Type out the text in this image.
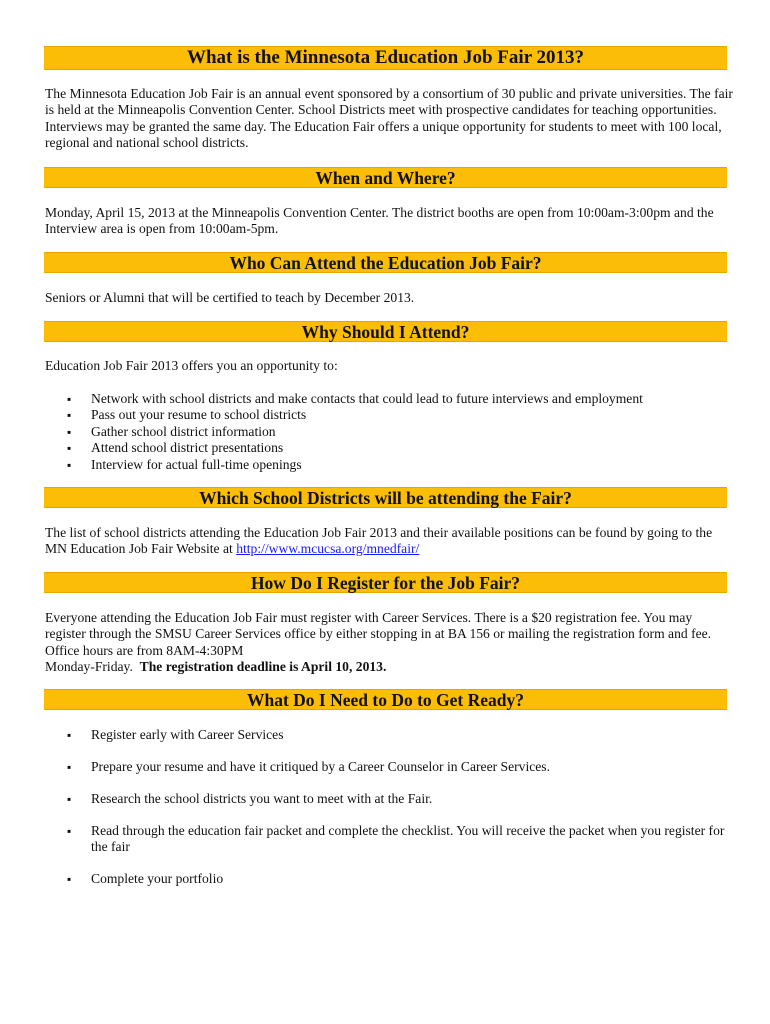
What is the Minnesota Education Job Fair 2013?

The Minnesota Education Job Fair is an annual event sponsored by a consortium of 30 public and private universities. The fair is held at the Minneapolis Convention Center. School Districts meet with prospective candidates for teaching opportunities. Interviews may be granted the same day. The Education Fair offers a unique opportunity for students to meet with 100 local, regional and national school districts.

When and Where?

Monday, April 15, 2013 at the Minneapolis Convention Center. The district booths are open from 10:00am-3:00pm and the Interview area is open from 10:00am-5pm.

Who Can Attend the Education Job Fair?

Seniors or Alumni that will be certified to teach by December 2013.

Why Should I Attend?

Education Job Fair 2013 offers you an opportunity to:

▪ Network with school districts and make contacts that could lead to future interviews and employment
▪ Pass out your resume to school districts
▪ Gather school district information
▪ Attend school district presentations
▪ Interview for actual full-time openings
Which School Districts will be attending the Fair?

The list of school districts attending the Education Job Fair 2013 and their available positions can be found by going to the MN Education Job Fair Website at http://www.mcucsa.org/mnedfair/

How Do I Register for the Job Fair?

Everyone attending the Education Job Fair must register with Career Services. There is a $20 registration fee. You may register through the SMSU Career Services office by either stopping in at BA 156 or mailing the registration form and fee. Office hours are from 8AM-4:30PM
Monday-Friday. The registration deadline is April 10, 2013.

What Do I Need to Do to Get Ready?
▪ Register early with Career Services
▪ Prepare your resume and have it critiqued by a Career Counselor in Career Services.
▪ Research the school districts you want to meet with at the Fair.
▪ Read through the education fair packet and complete the checklist. You will receive the packet when you register for the fair
▪ Complete your portfolio
